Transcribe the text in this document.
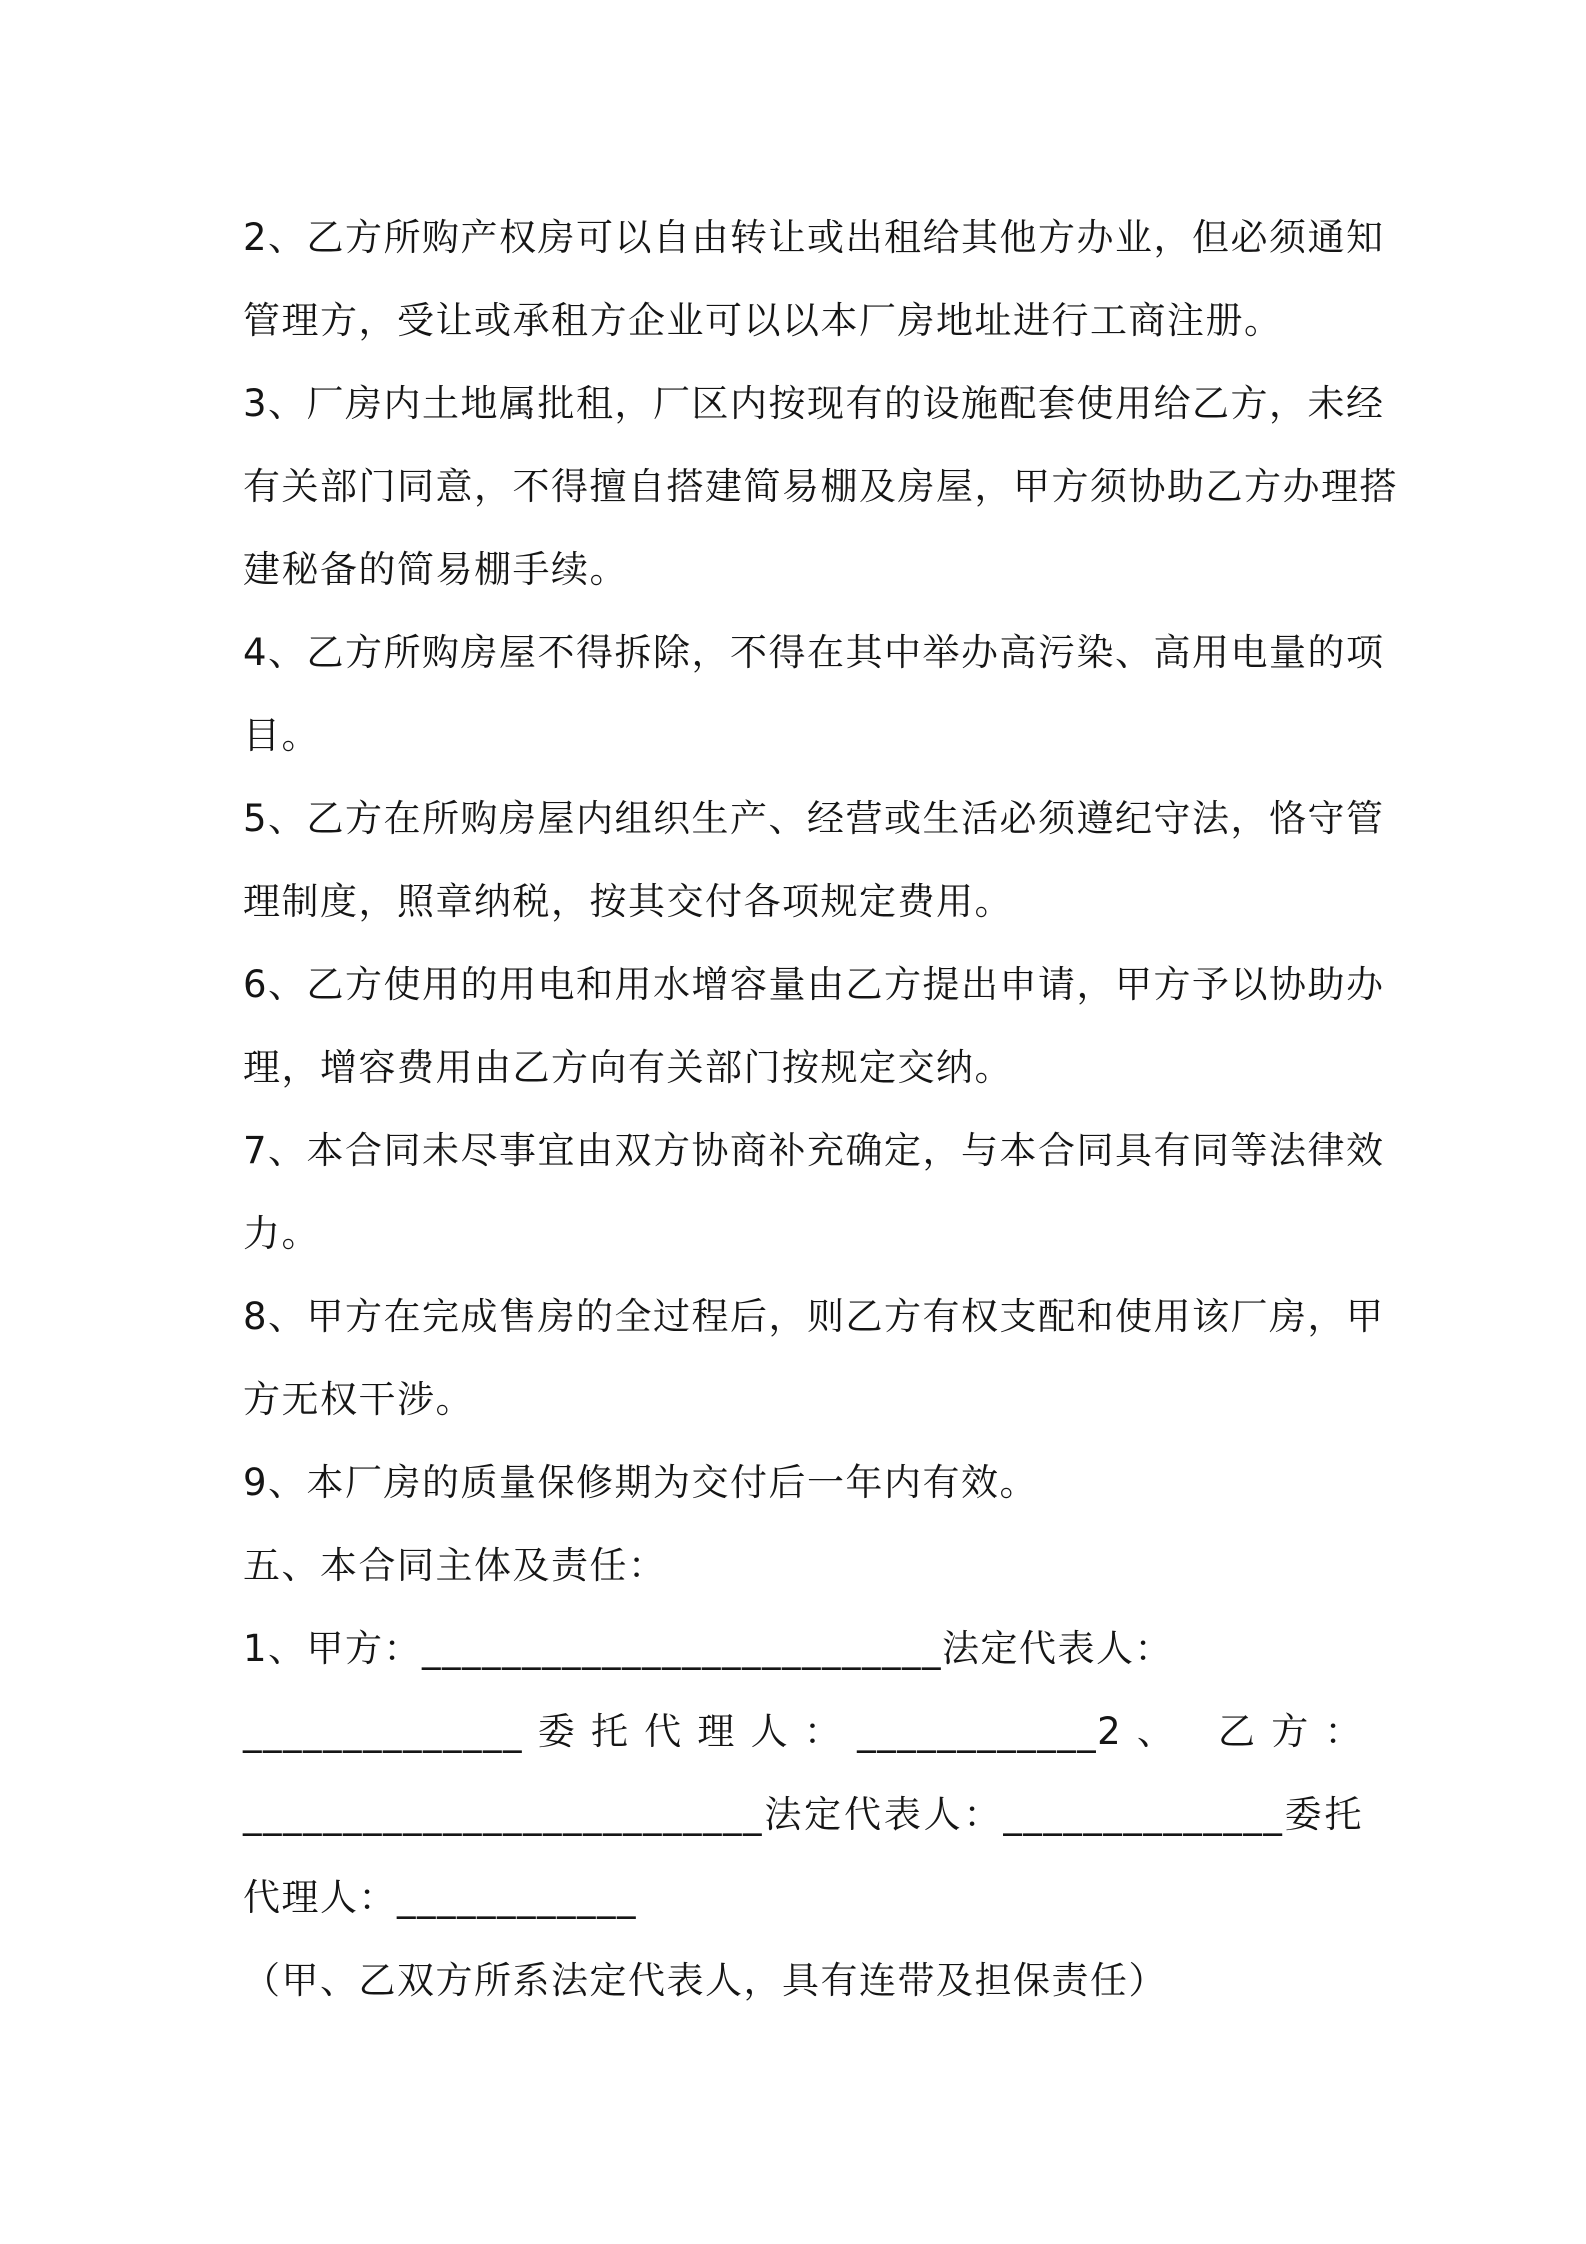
2、乙方所购产权房可以自由转让或出租给其他方办业，但必须通知
管理方，受让或承租方企业可以以本厂房地址进行工商注册。
3、厂房内土地属批租，厂区内按现有的设施配套使用给乙方，未经
有关部门同意，不得擅自搭建简易棚及房屋，甲方须协助乙方办理搭
建秘备的简易棚手续。
4、乙方所购房屋不得拆除，不得在其中举办高污染、高用电量的项
目。
5、乙方在所购房屋内组织生产、经营或生活必须遵纪守法，恪守管
理制度，照章纳税，按其交付各项规定费用。
6、乙方使用的用电和用水增容量由乙方提出申请，甲方予以协助办
理，增容费用由乙方向有关部门按规定交纳。
7、本合同未尽事宜由双方协商补充确定，与本合同具有同等法律效
力。
8、甲方在完成售房的全过程后，则乙方有权支配和使用该厂房，甲
方无权干涉。
9、本厂房的质量保修期为交付后一年内有效。
五、本合同主体及责任：
1、甲方：__________________________法定代表人：
______________委托代理人：____________2、 乙方：
__________________________法定代表人：______________委托
代理人：____________
（甲、乙双方所系法定代表人，具有连带及担保责任）
